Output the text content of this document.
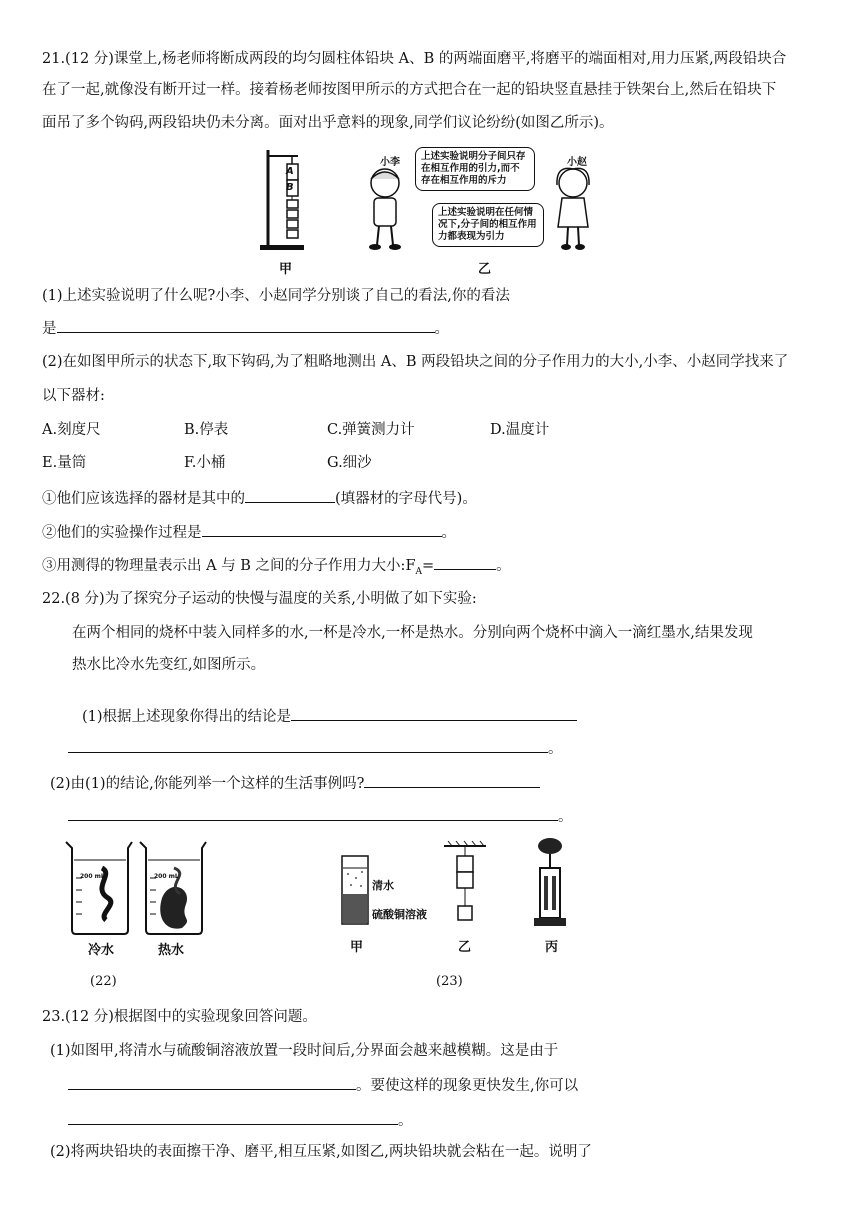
21.(12 分)课堂上,杨老师将断成两段的均匀圆柱体铅块 A、B 的两端面磨平,将磨平的端面相对,用力压紧,两段铅块合
在了一起,就像没有断开过一样。接着杨老师按图甲所示的方式把合在一起的铅块竖直悬挂于铁架台上,然后在铅块下
面吊了多个钩码,两段铅块仍未分离。面对出乎意料的现象,同学们议论纷纷(如图乙所示)。
A
B
甲
小李	小赵
上述实验说明分子间只存在相互作用的引力,而不存在相互作用的斥力
上述实验说明在任何情况下,分子间的相互作用力都表现为引力
乙
(1)上述实验说明了什么呢?小李、小赵同学分别谈了自己的看法,你的看法
是	。
(2)在如图甲所示的状态下,取下钩码,为了粗略地测出 A、B 两段铅块之间的分子作用力的大小,小李、小赵同学找来了
以下器材:
A.刻度尺	B.停表	C.弹簧测力计	D.温度计
E.量筒	F.小桶	G.细沙
①他们应该选择的器材是其中的	(填器材的字母代号)。
②他们的实验操作过程是	。
③用测得的物理量表示出 A 与 B 之间的分子作用力大小$:F_A=$	。
22.(8 分)为了探究分子运动的快慢与温度的关系,小明做了如下实验:
在两个相同的烧杯中装入同样多的水,一杯是冷水,一杯是热水。分别向两个烧杯中滴入一滴红墨水,结果发现
热水比冷水先变红,如图所示。
(1)根据上述现象你得出的结论是
。
(2)由(1)的结论,你能列举一个这样的生活事例吗?
。
200 mL	200 mL
冷水	热水
(22)
清水
硫酸铜溶液
甲	乙	丙
(23)
23.(12 分)根据图中的实验现象回答问题。
(1)如图甲,将清水与硫酸铜溶液放置一段时间后,分界面会越来越模糊。这是由于
。要使这样的现象更快发生,你可以
。
(2)将两块铅块的表面擦干净、磨平,相互压紧,如图乙,两块铅块就会粘在一起。说明了
